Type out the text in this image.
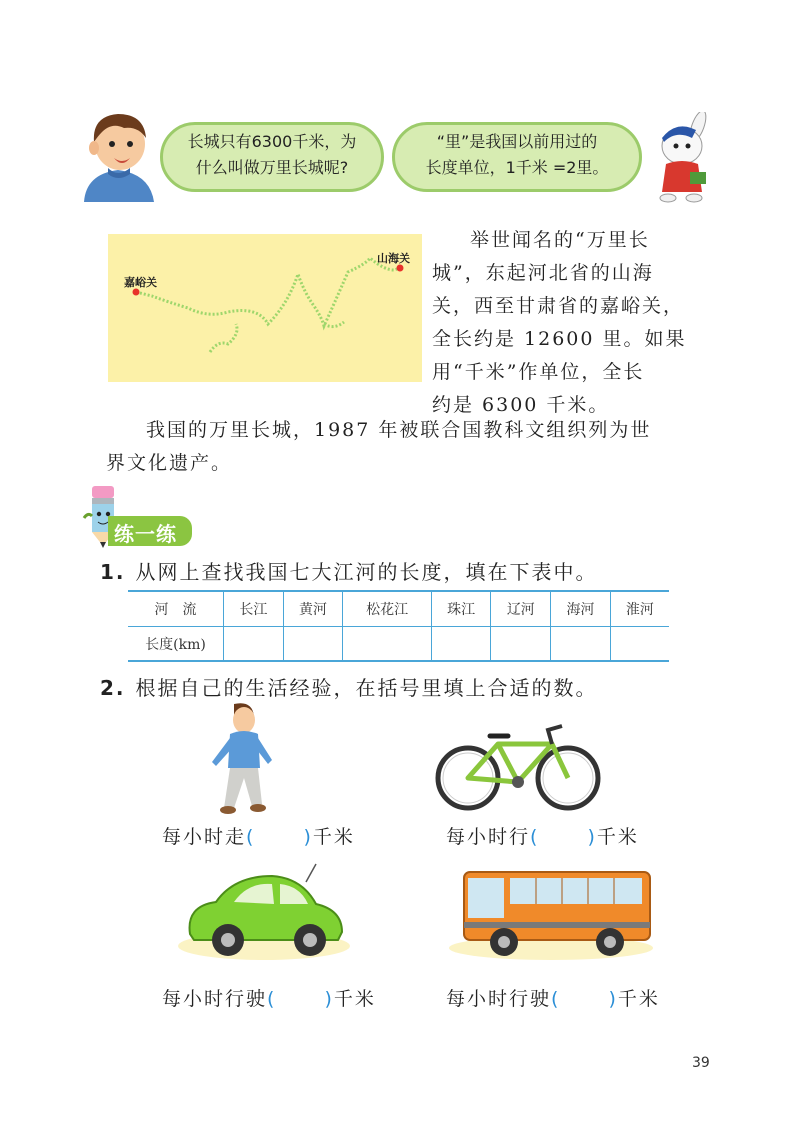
长城只有6300千米，为
什么叫做万里长城呢?
“里”是我国以前用过的
长度单位，1千米 =2里。
山海关
嘉峪关
举世闻名的“万里长
城”，东起河北省的山海
关，西至甘肃省的嘉峪关，
全长约是 12600 里。如果
用“千米”作单位，全长
约是 6300 千米。
我国的万里长城，1987 年被联合国教科文组织列为世
界文化遗产。
练一练
1. 从网上查找我国七大江河的长度，填在下表中。
河　流	长江	黄河	松花江	珠江	辽河	海河	淮河
长度(km)							
2. 根据自己的生活经验，在括号里填上合适的数。
每小时走(	)千米	每小时行(	)千米
每小时行驶(	)千米	每小时行驶(	)千米
39
